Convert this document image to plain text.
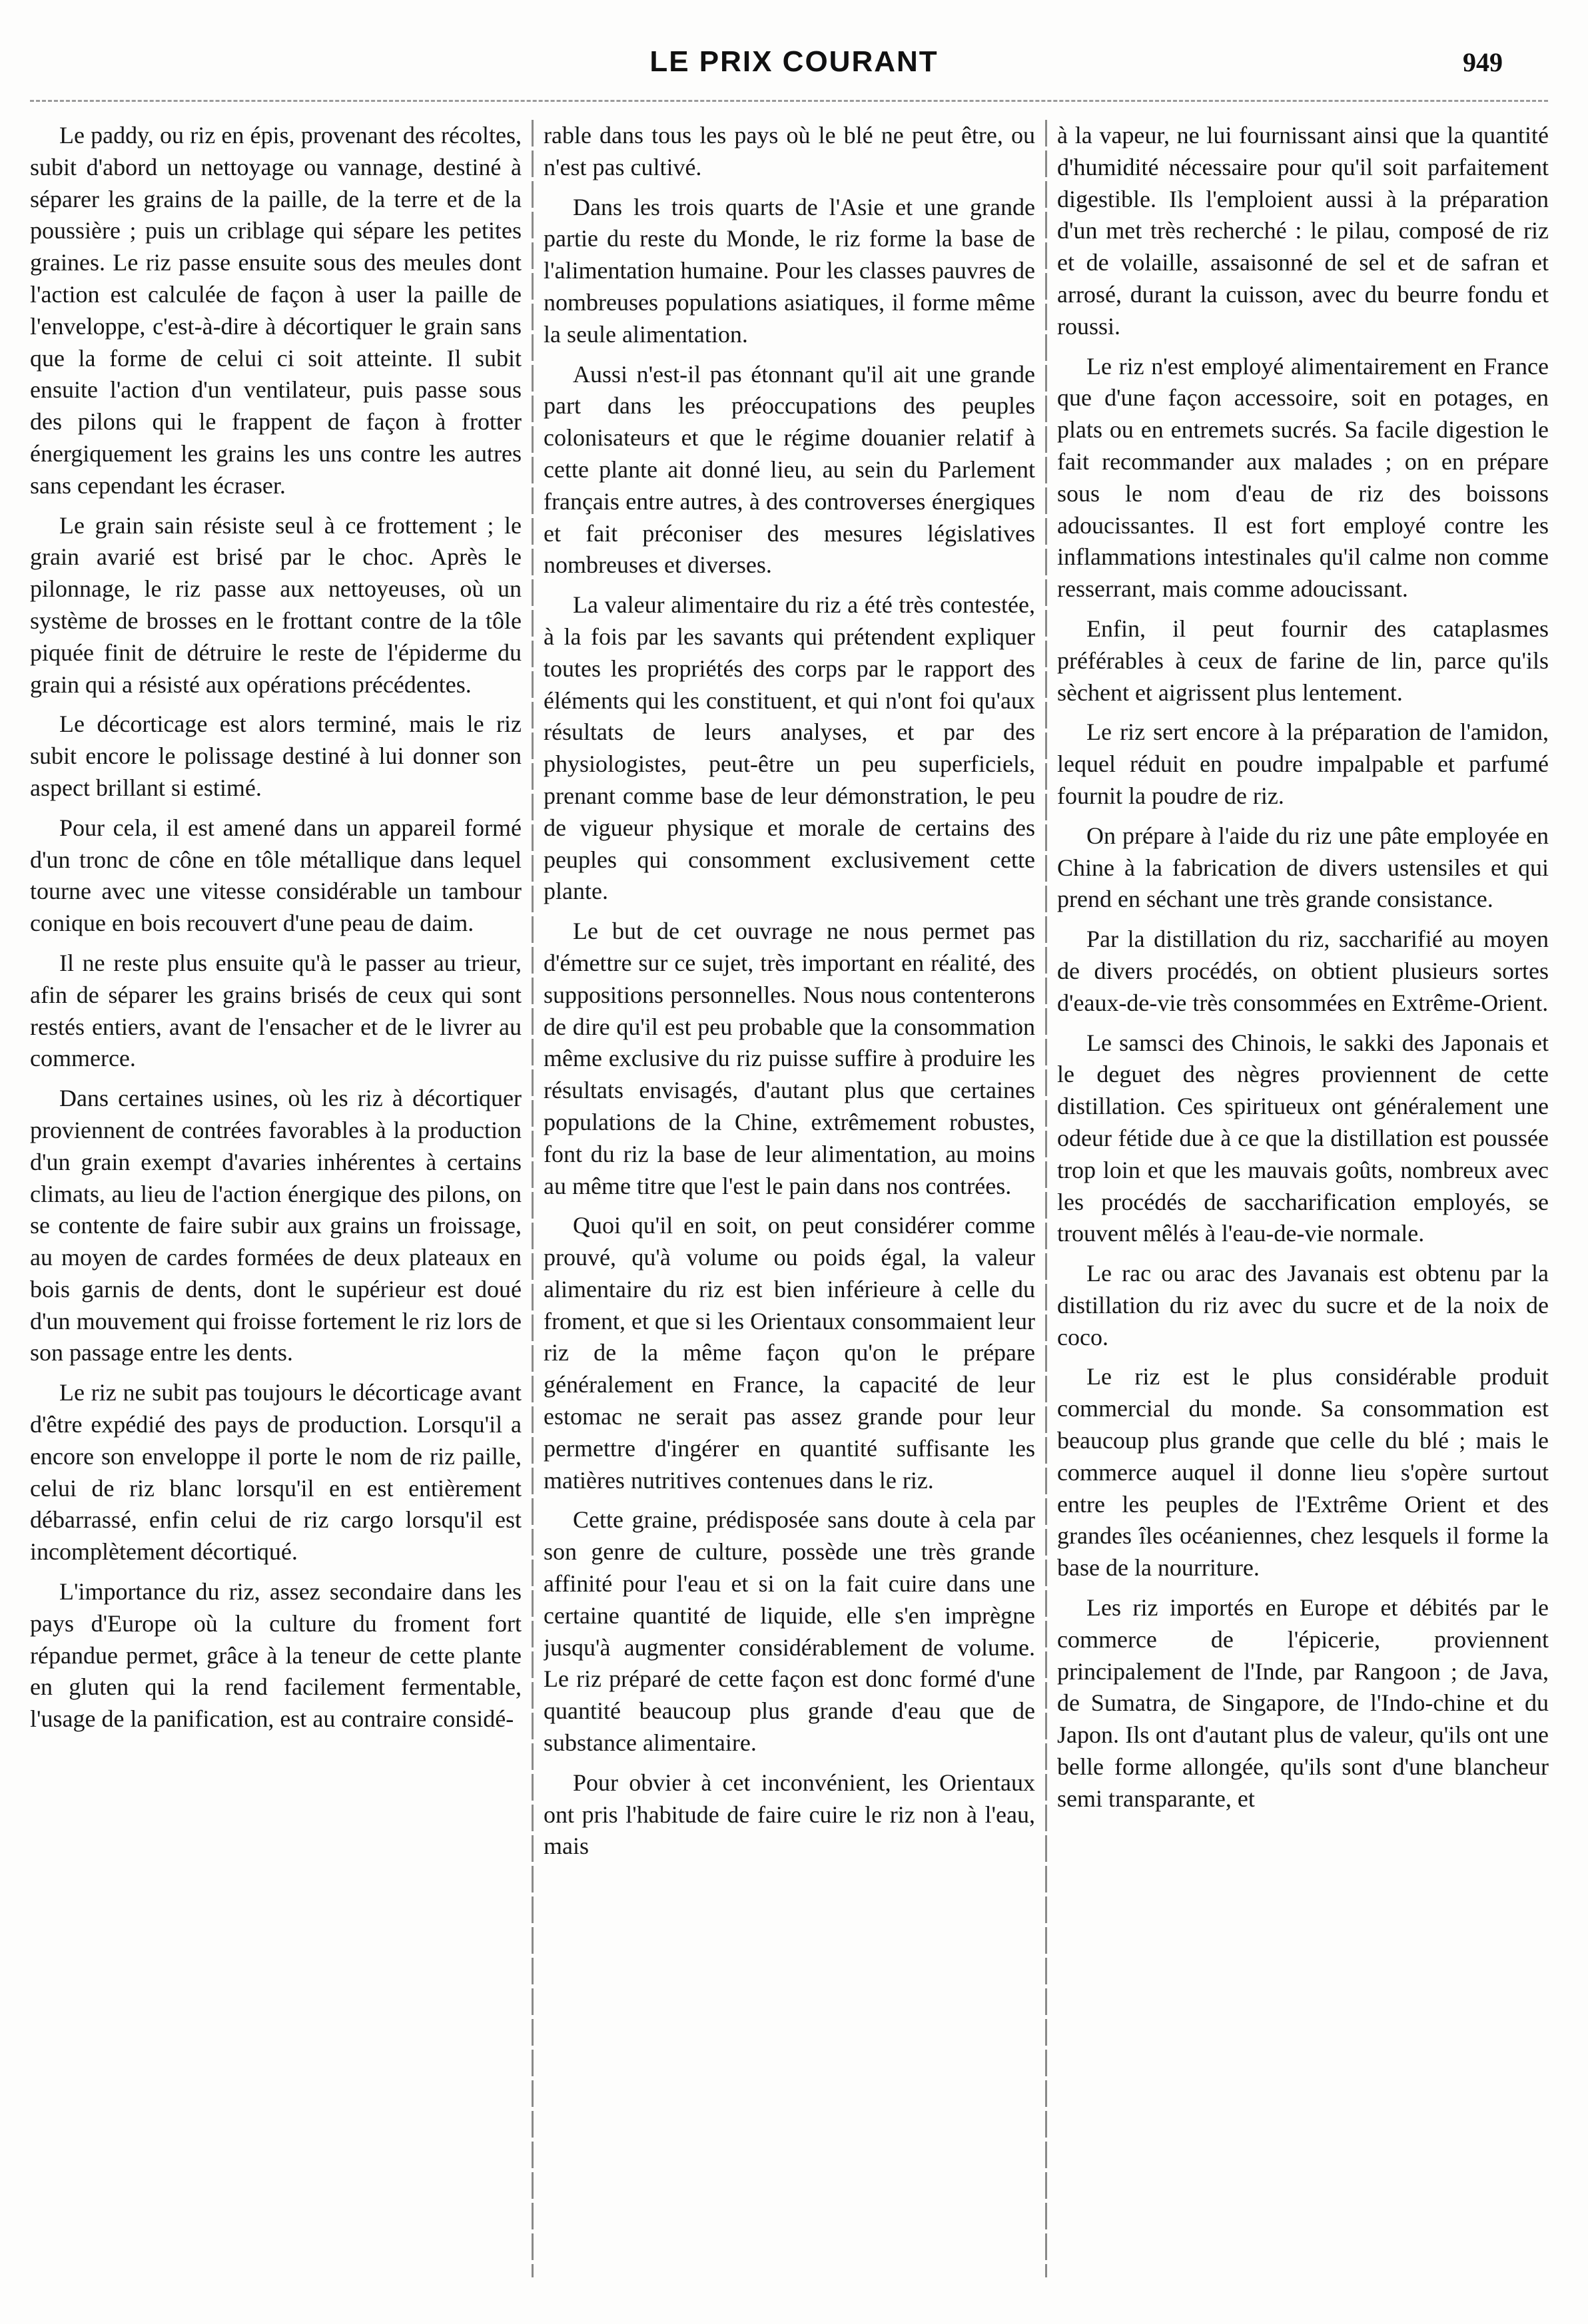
LE PRIX COURANT	949

Le paddy, ou riz en épis, provenant des récoltes, subit d'abord un nettoyage ou vannage, destiné à séparer les grains de la paille, de la terre et de la poussière ; puis un criblage qui sépare les petites graines. Le riz passe ensuite sous des meules dont l'action est calculée de façon à user la paille de l'enveloppe, c'est-à-dire à décortiquer le grain sans que la forme de celui ci soit atteinte. Il subit ensuite l'action d'un ventilateur, puis passe sous des pilons qui le frappent de façon à frotter énergiquement les grains les uns contre les autres sans cependant les écraser.

Le grain sain résiste seul à ce frottement ; le grain avarié est brisé par le choc. Après le pilonnage, le riz passe aux nettoyeuses, où un système de brosses en le frottant contre de la tôle piquée finit de détruire le reste de l'épiderme du grain qui a résisté aux opérations précédentes.

Le décorticage est alors terminé, mais le riz subit encore le polissage destiné à lui donner son aspect brillant si estimé.

Pour cela, il est amené dans un appareil formé d'un tronc de cône en tôle métallique dans lequel tourne avec une vitesse considérable un tambour conique en bois recouvert d'une peau de daim.

Il ne reste plus ensuite qu'à le passer au trieur, afin de séparer les grains brisés de ceux qui sont restés entiers, avant de l'ensacher et de le livrer au commerce.

Dans certaines usines, où les riz à décortiquer proviennent de contrées favorables à la production d'un grain exempt d'avaries inhérentes à certains climats, au lieu de l'action énergique des pilons, on se contente de faire subir aux grains un froissage, au moyen de cardes formées de deux plateaux en bois garnis de dents, dont le supérieur est doué d'un mouvement qui froisse fortement le riz lors de son passage entre les dents.

Le riz ne subit pas toujours le décorticage avant d'être expédié des pays de production. Lorsqu'il a encore son enveloppe il porte le nom de riz paille, celui de riz blanc lorsqu'il en est entièrement débarrassé, enfin celui de riz cargo lorsqu'il est incomplètement décortiqué.

L'importance du riz, assez secondaire dans les pays d'Europe où la culture du froment fort répandue permet, grâce à la teneur de cette plante en gluten qui la rend facilement fermentable, l'usage de la panification, est au contraire considé-

rable dans tous les pays où le blé ne peut être, ou n'est pas cultivé.

Dans les trois quarts de l'Asie et une grande partie du reste du Monde, le riz forme la base de l'alimentation humaine. Pour les classes pauvres de nombreuses populations asiatiques, il forme même la seule alimentation.

Aussi n'est-il pas étonnant qu'il ait une grande part dans les préoccupations des peuples colonisateurs et que le régime douanier relatif à cette plante ait donné lieu, au sein du Parlement français entre autres, à des controverses énergiques et fait préconiser des mesures législatives nombreuses et diverses.

La valeur alimentaire du riz a été très contestée, à la fois par les savants qui prétendent expliquer toutes les propriétés des corps par le rapport des éléments qui les constituent, et qui n'ont foi qu'aux résultats de leurs analyses, et par des physiologistes, peut-être un peu superficiels, prenant comme base de leur démonstration, le peu de vigueur physique et morale de certains des peuples qui consomment exclusivement cette plante.

Le but de cet ouvrage ne nous permet pas d'émettre sur ce sujet, très important en réalité, des suppositions personnelles. Nous nous contenterons de dire qu'il est peu probable que la consommation même exclusive du riz puisse suffire à produire les résultats envisagés, d'autant plus que certaines populations de la Chine, extrêmement robustes, font du riz la base de leur alimentation, au moins au même titre que l'est le pain dans nos contrées.

Quoi qu'il en soit, on peut considérer comme prouvé, qu'à volume ou poids égal, la valeur alimentaire du riz est bien inférieure à celle du froment, et que si les Orientaux consommaient leur riz de la même façon qu'on le prépare généralement en France, la capacité de leur estomac ne serait pas assez grande pour leur permettre d'ingérer en quantité suffisante les matières nutritives contenues dans le riz.

Cette graine, prédisposée sans doute à cela par son genre de culture, possède une très grande affinité pour l'eau et si on la fait cuire dans une certaine quantité de liquide, elle s'en imprègne jusqu'à augmenter considérablement de volume. Le riz préparé de cette façon est donc formé d'une quantité beaucoup plus grande d'eau que de substance alimentaire.

Pour obvier à cet inconvénient, les Orientaux ont pris l'habitude de faire cuire le riz non à l'eau, mais

à la vapeur, ne lui fournissant ainsi que la quantité d'humidité nécessaire pour qu'il soit parfaitement digestible. Ils l'emploient aussi à la préparation d'un met très recherché : le pilau, composé de riz et de volaille, assaisonné de sel et de safran et arrosé, durant la cuisson, avec du beurre fondu et roussi.

Le riz n'est employé alimentairement en France que d'une façon accessoire, soit en potages, en plats ou en entremets sucrés. Sa facile digestion le fait recommander aux malades ; on en prépare sous le nom d'eau de riz des boissons adoucissantes. Il est fort employé contre les inflammations intestinales qu'il calme non comme resserrant, mais comme adoucissant.

Enfin, il peut fournir des cataplasmes préférables à ceux de farine de lin, parce qu'ils sèchent et aigrissent plus lentement.

Le riz sert encore à la préparation de l'amidon, lequel réduit en poudre impalpable et parfumé fournit la poudre de riz.

On prépare à l'aide du riz une pâte employée en Chine à la fabrication de divers ustensiles et qui prend en séchant une très grande consistance.

Par la distillation du riz, saccharifié au moyen de divers procédés, on obtient plusieurs sortes d'eaux-de-vie très consommées en Extrême-Orient.

Le samsci des Chinois, le sakki des Japonais et le deguet des nègres proviennent de cette distillation. Ces spiritueux ont généralement une odeur fétide due à ce que la distillation est poussée trop loin et que les mauvais goûts, nombreux avec les procédés de saccharification employés, se trouvent mêlés à l'eau-de-vie normale.

Le rac ou arac des Javanais est obtenu par la distillation du riz avec du sucre et de la noix de coco.

Le riz est le plus considérable produit commercial du monde. Sa consommation est beaucoup plus grande que celle du blé ; mais le commerce auquel il donne lieu s'opère surtout entre les peuples de l'Extrême Orient et des grandes îles océaniennes, chez lesquels il forme la base de la nourriture.

Les riz importés en Europe et débités par le commerce de l'épicerie, proviennent principalement de l'Inde, par Rangoon ; de Java, de Sumatra, de Singapore, de l'Indo-chine et du Japon. Ils ont d'autant plus de valeur, qu'ils ont une belle forme allongée, qu'ils sont d'une blancheur semi transparante, et
